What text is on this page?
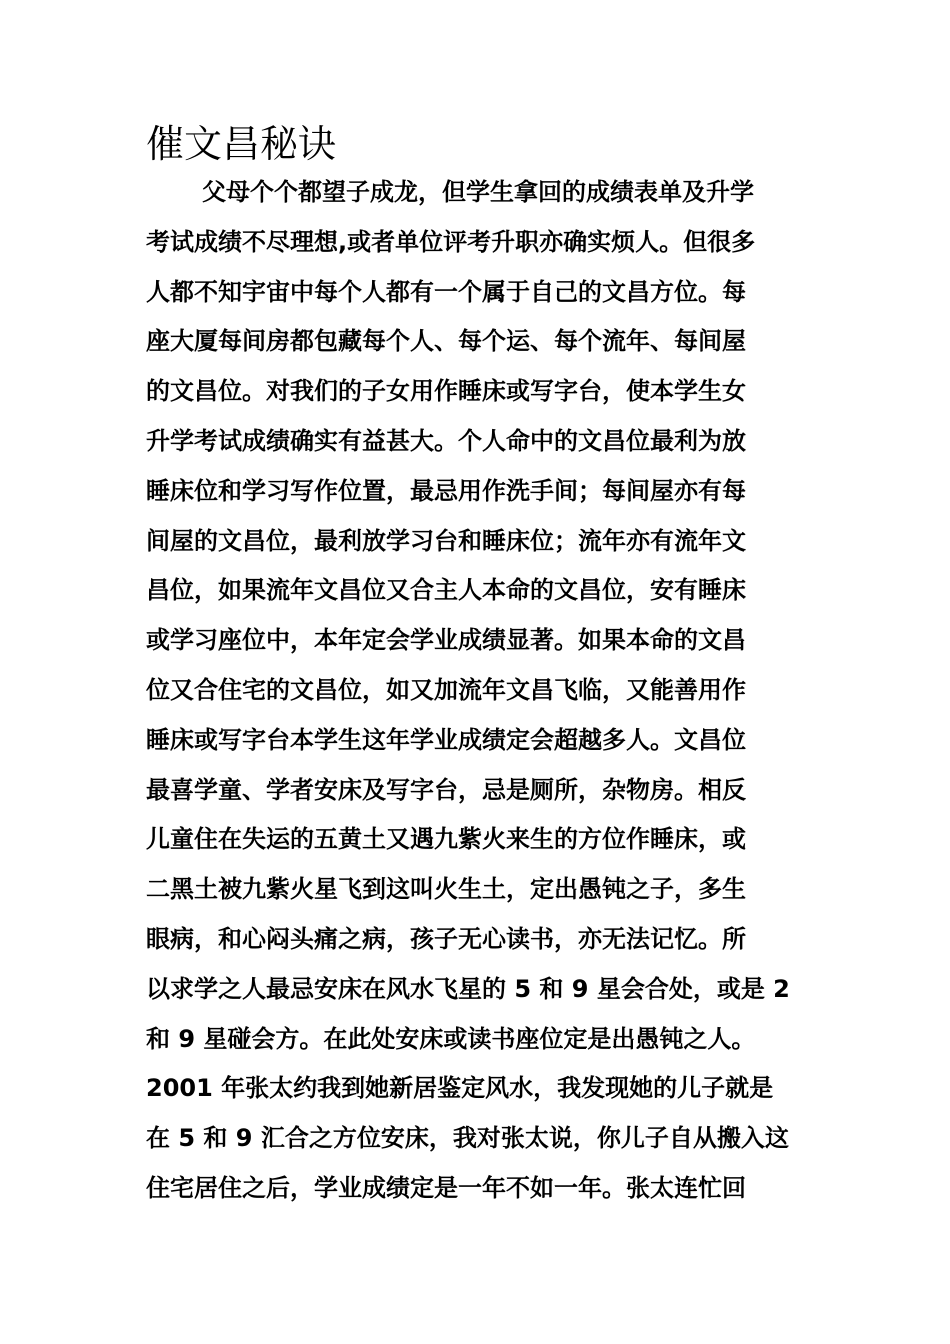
催文昌秘诀
父母个个都望子成龙，但学生拿回的成绩表单及升学
考试成绩不尽理想,或者单位评考升职亦确实烦人。但很多
人都不知宇宙中每个人都有一个属于自己的文昌方位。每
座大厦每间房都包藏每个人、每个运、每个流年、每间屋
的文昌位。对我们的子女用作睡床或写字台，使本学生女
升学考试成绩确实有益甚大。个人命中的文昌位最利为放
睡床位和学习写作位置，最忌用作洗手间；每间屋亦有每
间屋的文昌位，最利放学习台和睡床位；流年亦有流年文
昌位，如果流年文昌位又合主人本命的文昌位，安有睡床
或学习座位中，本年定会学业成绩显著。如果本命的文昌
位又合住宅的文昌位，如又加流年文昌飞临，又能善用作
睡床或写字台本学生这年学业成绩定会超越多人。文昌位
最喜学童、学者安床及写字台，忌是厕所，杂物房。相反
儿童住在失运的五黄土又遇九紫火来生的方位作睡床，或
二黑土被九紫火星飞到这叫火生土，定出愚钝之子，多生
眼病，和心闷头痛之病，孩子无心读书，亦无法记忆。所
以求学之人最忌安床在风水飞星的 5 和 9 星会合处，或是 2
和 9 星碰会方。在此处安床或读书座位定是出愚钝之人。
2001 年张太约我到她新居鉴定风水，我发现她的儿子就是
在 5 和 9 汇合之方位安床，我对张太说，你儿子自从搬入这
住宅居住之后，学业成绩定是一年不如一年。张太连忙回
